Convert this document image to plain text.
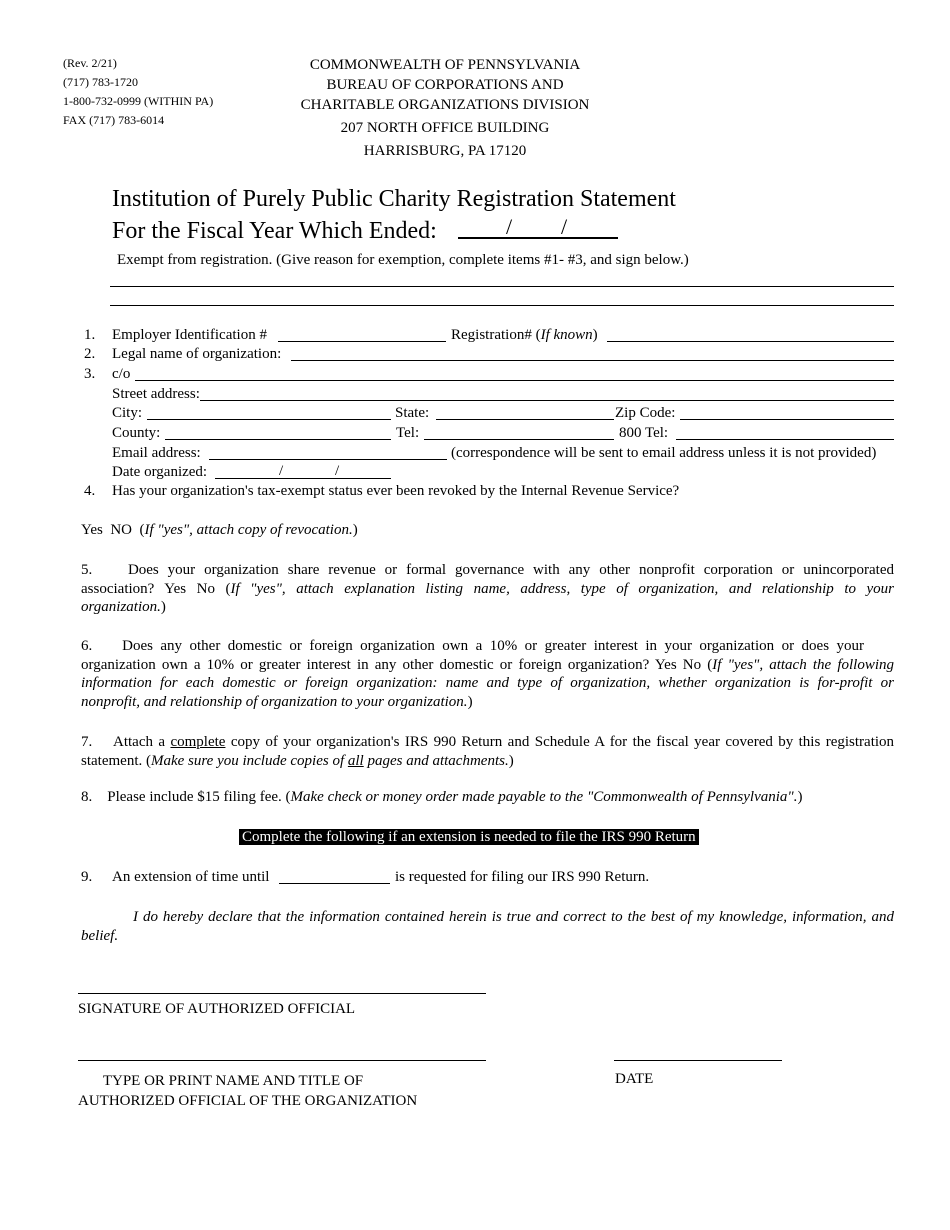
(Rev. 2/21)
(717) 783-1720
1-800-732-0999 (WITHIN PA)
FAX (717) 783-6014
COMMONWEALTH OF PENNSYLVANIA
BUREAU OF CORPORATIONS AND
CHARITABLE ORGANIZATIONS DIVISION
207 NORTH OFFICE BUILDING
HARRISBURG, PA 17120
Institution of Purely Public Charity Registration Statement
For the Fiscal Year Which Ended:	/ /
Exempt from registration. (Give reason for exemption, complete items #1- #3, and sign below.)
1. Employer Identification #	Registration# (If known)
2. Legal name of organization:
3. c/o
Street address:
City:	State:	Zip Code:
County:	Tel:	800 Tel:
Email address:	(correspondence will be sent to email address unless it is not provided)
Date organized:	/	/
4. Has your organization's tax-exempt status ever been revoked by the Internal Revenue Service?
Yes NO  (If "yes", attach copy of revocation.)
5. Does your organization share revenue or formal governance with any other nonprofit corporation or unincorporated
association? Yes No (If "yes", attach explanation listing name, address, type of organization, and relationship to your
organization.)
6. Does any other domestic or foreign organization own a 10% or greater interest in your organization or does your
organization own a 10% or greater interest in any other domestic or foreign organization? Yes No (If "yes", attach the following
information for each domestic or foreign organization: name and type of organization, whether organization is for-profit or
nonprofit, and relationship of organization to your organization.)
7. Attach a complete copy of your organization's IRS 990 Return and Schedule A for the fiscal year covered by this registration
statement. (Make sure you include copies of all pages and attachments.)
8. Please include $15 filing fee. (Make check or money order made payable to the "Commonwealth of Pennsylvania".)
Complete the following if an extension is needed to file the IRS 990 Return
9. An extension of time until	is requested for filing our IRS 990 Return.
I do hereby declare that the information contained herein is true and correct to the best of my knowledge, information, and
belief.
SIGNATURE OF AUTHORIZED OFFICIAL
TYPE OR PRINT NAME AND TITLE OF
AUTHORIZED OFFICIAL OF THE ORGANIZATION
DATE
